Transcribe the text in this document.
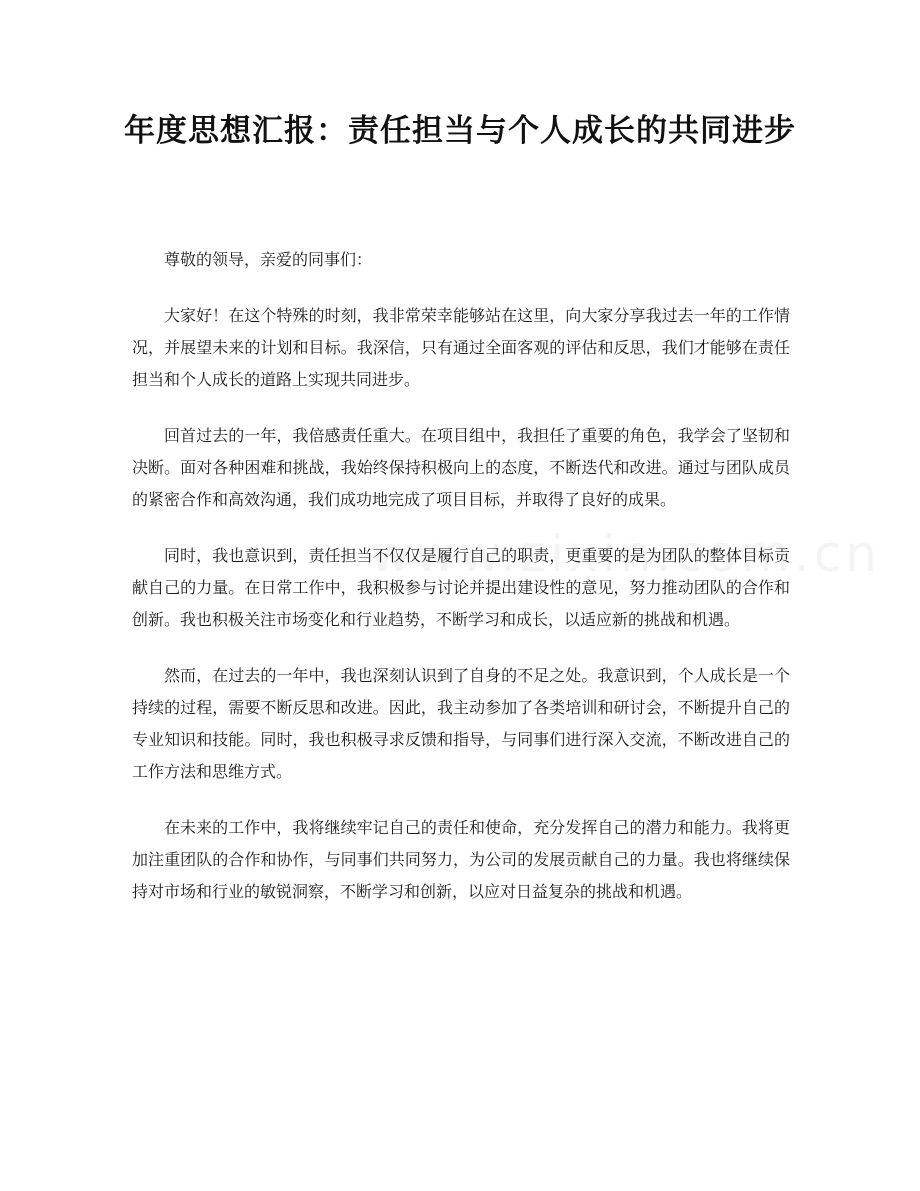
年度思想汇报：责任担当与个人成长的共同进步

尊敬的领导，亲爱的同事们：

大家好！在这个特殊的时刻，我非常荣幸能够站在这里，向大家分享我过去一年的工作情况，并展望未来的计划和目标。我深信，只有通过全面客观的评估和反思，我们才能够在责任担当和个人成长的道路上实现共同进步。

回首过去的一年，我倍感责任重大。在项目组中，我担任了重要的角色，我学会了坚韧和决断。面对各种困难和挑战，我始终保持积极向上的态度，不断迭代和改进。通过与团队成员的紧密合作和高效沟通，我们成功地完成了项目目标，并取得了良好的成果。

同时，我也意识到，责任担当不仅仅是履行自己的职责，更重要的是为团队的整体目标贡献自己的力量。在日常工作中，我积极参与讨论并提出建设性的意见，努力推动团队的合作和创新。我也积极关注市场变化和行业趋势，不断学习和成长，以适应新的挑战和机遇。

然而，在过去的一年中，我也深刻认识到了自身的不足之处。我意识到，个人成长是一个持续的过程，需要不断反思和改进。因此，我主动参加了各类培训和研讨会，不断提升自己的专业知识和技能。同时，我也积极寻求反馈和指导，与同事们进行深入交流，不断改进自己的工作方法和思维方式。

在未来的工作中，我将继续牢记自己的责任和使命，充分发挥自己的潜力和能力。我将更加注重团队的合作和协作，与同事们共同努力，为公司的发展贡献自己的力量。我也将继续保持对市场和行业的敏锐洞察，不断学习和创新，以应对日益复杂的挑战和机遇。
